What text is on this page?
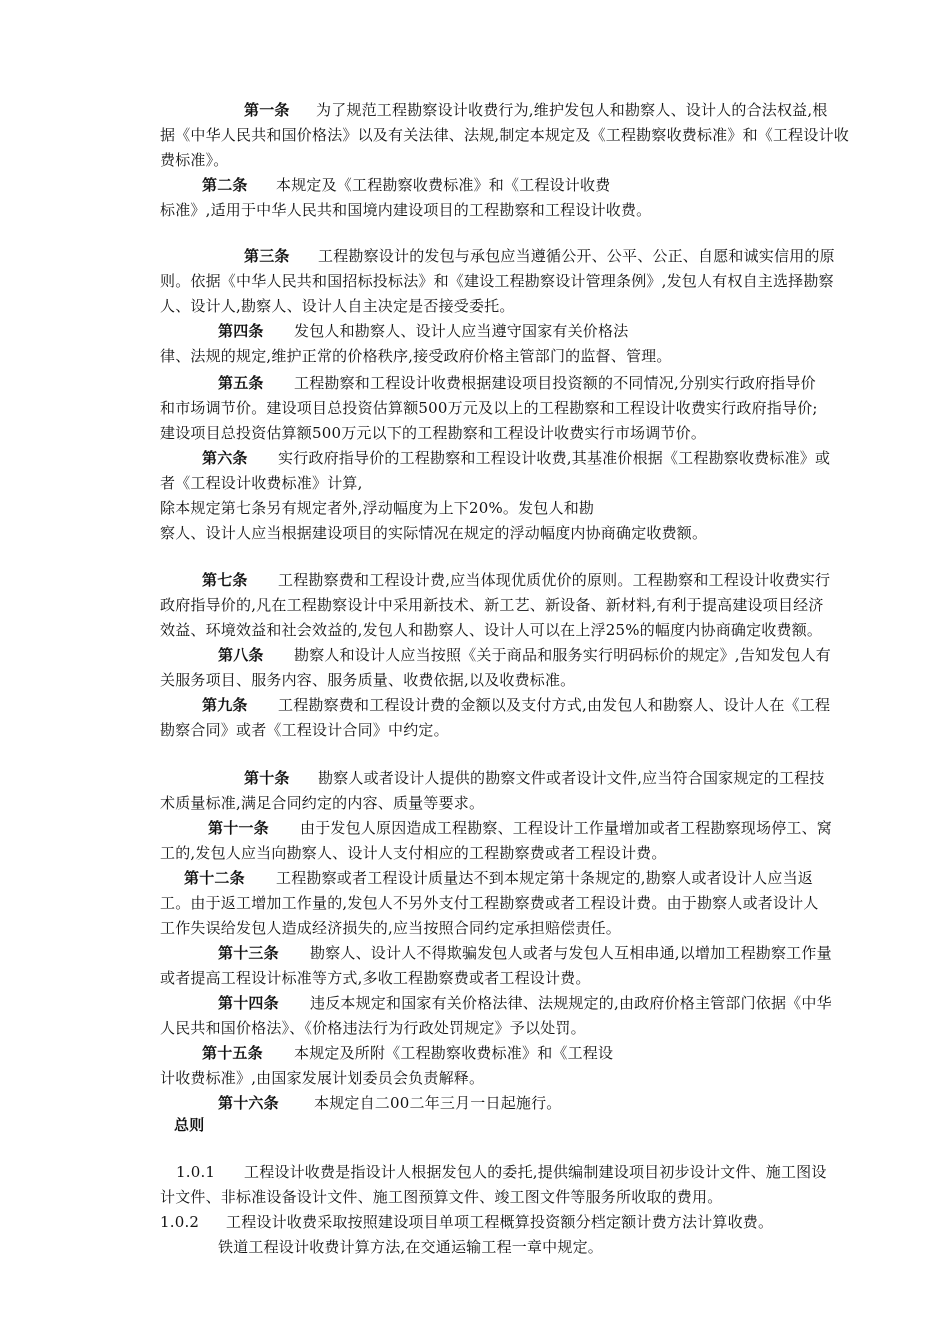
第一条 为了规范工程勘察设计收费行为,维护发包人和勘察人、设计人的合法权益,根
据《中华人民共和国价格法》以及有关法律、法规,制定本规定及《工程勘察收费标准》和《工程设计收
费标准》。
第二条 本规定及《工程勘察收费标准》和《工程设计收费
标准》,适用于中华人民共和国境内建设项目的工程勘察和工程设计收费。
第三条 工程勘察设计的发包与承包应当遵循公开、公平、公正、自愿和诚实信用的原
则。依据《中华人民共和国招标投标法》和《建设工程勘察设计管理条例》,发包人有权自主选择勘察
人、设计人,勘察人、设计人自主决定是否接受委托。
第四条 发包人和勘察人、设计人应当遵守国家有关价格法
律、法规的规定,维护正常的价格秩序,接受政府价格主管部门的监督、管理。
第五条 工程勘察和工程设计收费根据建设项目投资额的不同情况,分别实行政府指导价
和市场调节价。建设项目总投资估算额500万元及以上的工程勘察和工程设计收费实行政府指导价;
建设项目总投资估算额500万元以下的工程勘察和工程设计收费实行市场调节价。
第六条 实行政府指导价的工程勘察和工程设计收费,其基准价根据《工程勘察收费标准》或
者《工程设计收费标准》计算,
除本规定第七条另有规定者外,浮动幅度为上下20%。发包人和勘
察人、设计人应当根据建设项目的实际情况在规定的浮动幅度内协商确定收费额。
第七条 工程勘察费和工程设计费,应当体现优质优价的原则。工程勘察和工程设计收费实行
政府指导价的,凡在工程勘察设计中采用新技术、新工艺、新设备、新材料,有利于提高建设项目经济
效益、环境效益和社会效益的,发包人和勘察人、设计人可以在上浮25%的幅度内协商确定收费额。
第八条 勘察人和设计人应当按照《关于商品和服务实行明码标价的规定》,告知发包人有
关服务项目、服务内容、服务质量、收费依据,以及收费标准。
第九条 工程勘察费和工程设计费的金额以及支付方式,由发包人和勘察人、设计人在《工程
勘察合同》或者《工程设计合同》中约定。
第十条 勘察人或者设计人提供的勘察文件或者设计文件,应当符合国家规定的工程技
术质量标准,满足合同约定的内容、质量等要求。
第十一条 由于发包人原因造成工程勘察、工程设计工作量增加或者工程勘察现场停工、窝
工的,发包人应当向勘察人、设计人支付相应的工程勘察费或者工程设计费。
第十二条 工程勘察或者工程设计质量达不到本规定第十条规定的,勘察人或者设计人应当返
工。由于返工增加工作量的,发包人不另外支付工程勘察费或者工程设计费。由于勘察人或者设计人
工作失误给发包人造成经济损失的,应当按照合同约定承担赔偿责任。
第十三条 勘察人、设计人不得欺骗发包人或者与发包人互相串通,以增加工程勘察工作量
或者提高工程设计标准等方式,多收工程勘察费或者工程设计费。
第十四条 违反本规定和国家有关价格法律、法规规定的,由政府价格主管部门依据《中华
人民共和国价格法》、《价格违法行为行政处罚规定》予以处罚。
第十五条 本规定及所附《工程勘察收费标准》和《工程设
计收费标准》,由国家发展计划委员会负责解释。
第十六条 本规定自二00二年三月一日起施行。
总则
1.0.1 工程设计收费是指设计人根据发包人的委托,提供编制建设项目初步设计文件、施工图设
计文件、非标准设备设计文件、施工图预算文件、竣工图文件等服务所收取的费用。
1.0.2 工程设计收费采取按照建设项目单项工程概算投资额分档定额计费方法计算收费。
铁道工程设计收费计算方法,在交通运输工程一章中规定。
